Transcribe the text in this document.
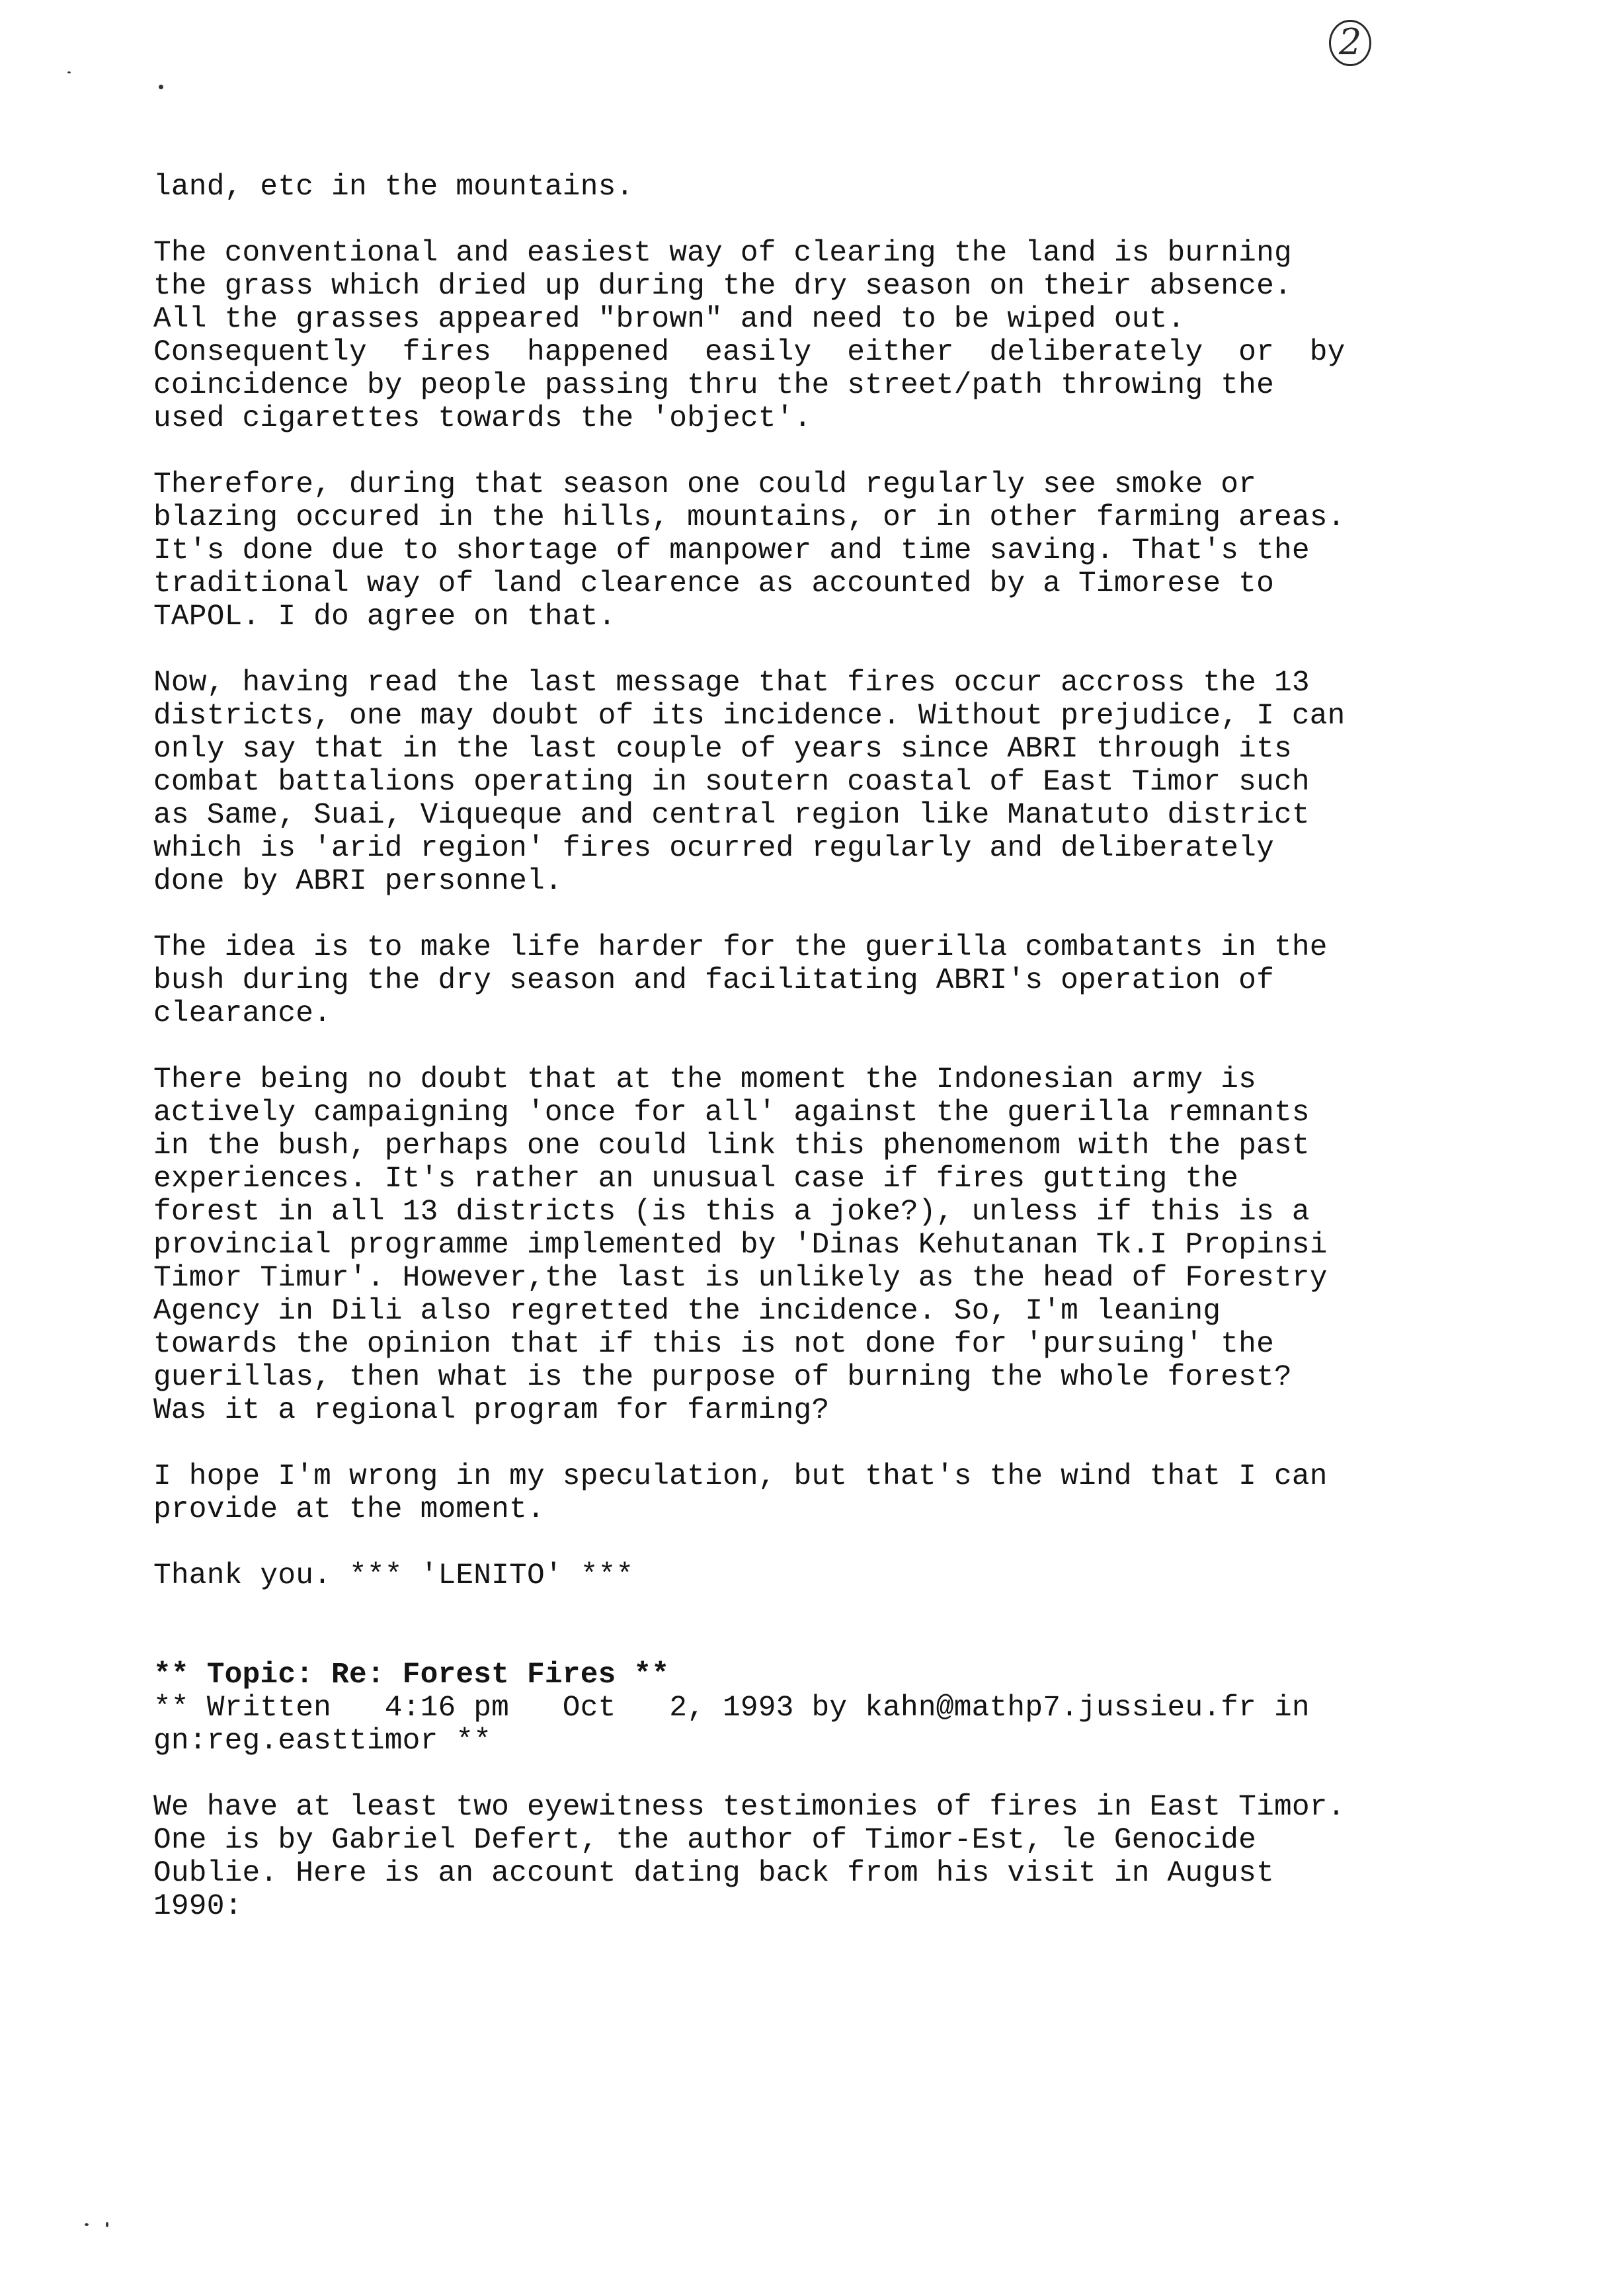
2
land, etc in the mountains.
The conventional and easiest way of clearing the land is burning
the grass which dried up during the dry season on their absence.
All the grasses appeared "brown" and need to be wiped out.
Consequently  fires  happened  easily  either  deliberately  or  by
coincidence by people passing thru the street/path throwing the
used cigarettes towards the 'object'.
Therefore, during that season one could regularly see smoke or
blazing occured in the hills, mountains, or in other farming areas.
It's done due to shortage of manpower and time saving. That's the
traditional way of land clearence as accounted by a Timorese to
TAPOL. I do agree on that.
Now, having read the last message that fires occur accross the 13
districts, one may doubt of its incidence. Without prejudice, I can
only say that in the last couple of years since ABRI through its
combat battalions operating in soutern coastal of East Timor such
as Same, Suai, Viqueque and central region like Manatuto district
which is 'arid region' fires ocurred regularly and deliberately
done by ABRI personnel.
The idea is to make life harder for the guerilla combatants in the
bush during the dry season and facilitating ABRI's operation of
clearance.
There being no doubt that at the moment the Indonesian army is
actively campaigning 'once for all' against the guerilla remnants
in the bush, perhaps one could link this phenomenom with the past
experiences. It's rather an unusual case if fires gutting the
forest in all 13 districts (is this a joke?), unless if this is a
provincial programme implemented by 'Dinas Kehutanan Tk.I Propinsi
Timor Timur'. However,the last is unlikely as the head of Forestry
Agency in Dili also regretted the incidence. So, I'm leaning
towards the opinion that if this is not done for 'pursuing' the
guerillas, then what is the purpose of burning the whole forest?
Was it a regional program for farming?
I hope I'm wrong in my speculation, but that's the wind that I can
provide at the moment.
Thank you. *** 'LENITO' ***
** Topic: Re: Forest Fires **
** Written   4:16 pm   Oct   2, 1993 by kahn@mathp7.jussieu.fr in
gn:reg.easttimor **
We have at least two eyewitness testimonies of fires in East Timor.
One is by Gabriel Defert, the author of Timor-Est, le Genocide
Oublie. Here is an account dating back from his visit in August
1990:
